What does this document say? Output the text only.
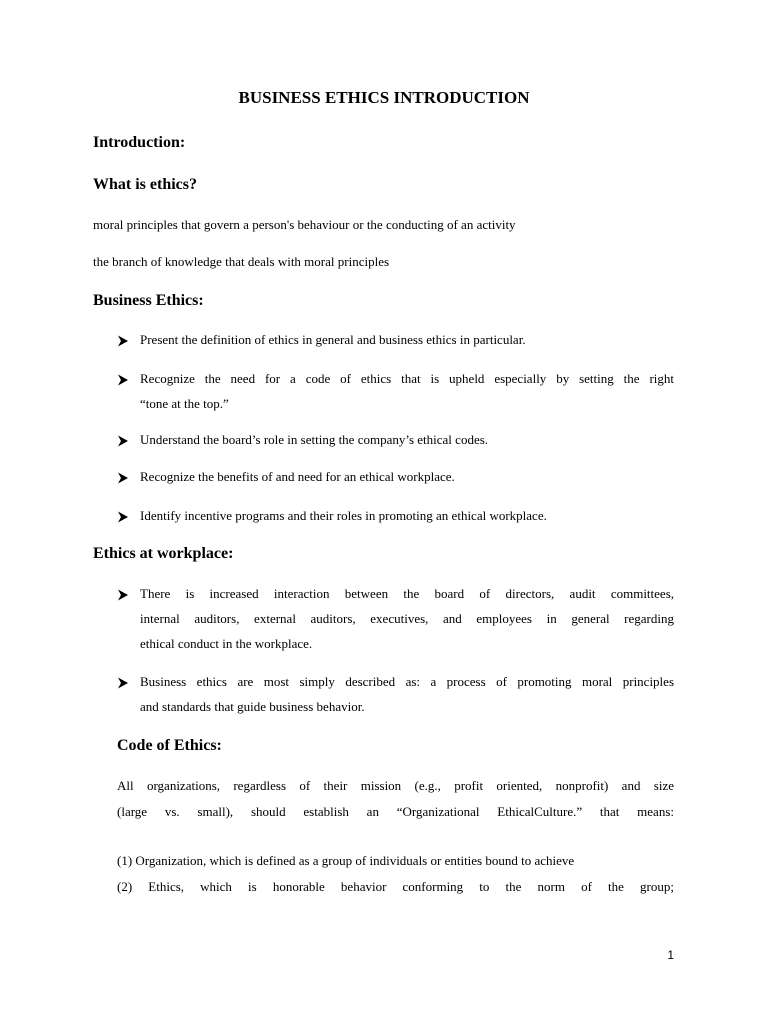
BUSINESS ETHICS INTRODUCTION
Introduction:
What is ethics?
moral principles that govern a person's behaviour or the conducting of an activity
the branch of knowledge that deals with moral principles
Business Ethics:
Present the definition of ethics in general and business ethics in particular.
Recognize the need for a code of ethics that is upheld especially by setting the right
“tone at the top.”
Understand the board’s role in setting the company’s ethical codes.
Recognize the benefits of and need for an ethical workplace.
Identify incentive programs and their roles in promoting an ethical workplace.
Ethics at workplace:
There is increased interaction between the board of directors, audit committees,
internal auditors, external auditors, executives, and employees in general regarding
ethical conduct in the workplace.
Business ethics are most simply described as: a process of promoting moral principles
and standards that guide business behavior.
Code of Ethics:
All organizations, regardless of their mission (e.g., profit oriented, nonprofit) and size
(large vs. small), should establish an “Organizational EthicalCulture.” that means:
(1) Organization, which is defined as a group of individuals or entities bound to achieve
(2) Ethics, which is honorable behavior conforming to the norm of the group;
1
